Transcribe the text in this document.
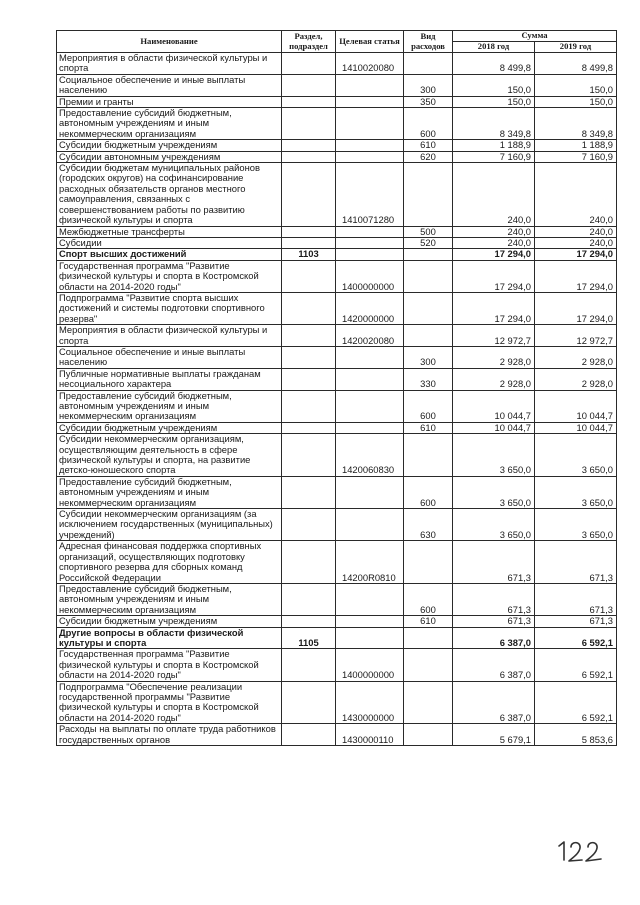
Наименование	Раздел, подраздел	Целевая статья	Вид расходов	Сумма	
				2018 год	2019 год
Мероприятия в области физической культуры и спорта		1410020080		8 499,8	8 499,8
Социальное обеспечение и иные выплаты населению			300	150,0	150,0
Премии и гранты			350	150,0	150,0
Предоставление субсидий бюджетным, автономным учреждениям и иным некоммерческим организациям			600	8 349,8	8 349,8
Субсидии бюджетным учреждениям			610	1 188,9	1 188,9
Субсидии автономным учреждениям			620	7 160,9	7 160,9
Субсидии бюджетам муниципальных районов (городских округов) на софинансирование расходных обязательств органов местного самоуправления, связанных с совершенствованием работы по развитию физической культуры и спорта		1410071280		240,0	240,0
Межбюджетные трансферты			500	240,0	240,0
Субсидии			520	240,0	240,0
Спорт высших достижений	1103			17 294,0	17 294,0
Государственная программа "Развитие физической культуры и спорта в Костромской области на 2014-2020 годы"		1400000000		17 294,0	17 294,0
Подпрограмма "Развитие спорта высших достижений и системы подготовки спортивного резерва"		1420000000		17 294,0	17 294,0
Мероприятия в области физической культуры и спорта		1420020080		12 972,7	12 972,7
Социальное обеспечение и иные выплаты населению			300	2 928,0	2 928,0
Публичные нормативные выплаты гражданам несоциального характера			330	2 928,0	2 928,0
Предоставление субсидий бюджетным, автономным учреждениям и иным некоммерческим организациям			600	10 044,7	10 044,7
Субсидии бюджетным учреждениям			610	10 044,7	10 044,7
Субсидии некоммерческим организациям, осуществляющим деятельность в сфере физической культуры и спорта, на развитие детско-юношеского спорта		1420060830		3 650,0	3 650,0
Предоставление субсидий бюджетным, автономным учреждениям и иным некоммерческим организациям			600	3 650,0	3 650,0
Субсидии некоммерческим организациям (за исключением государственных (муниципальных) учреждений)			630	3 650,0	3 650,0
Адресная финансовая поддержка спортивных организаций, осуществляющих подготовку спортивного резерва для сборных команд Российской Федерации		14200R0810		671,3	671,3
Предоставление субсидий бюджетным, автономным учреждениям и иным некоммерческим организациям			600	671,3	671,3
Субсидии бюджетным учреждениям			610	671,3	671,3
Другие вопросы в области физической культуры и спорта	1105			6 387,0	6 592,1
Государственная программа "Развитие физической культуры и спорта в Костромской области на 2014-2020 годы"		1400000000		6 387,0	6 592,1
Подпрограмма "Обеспечение реализации государственной программы "Развитие физической культуры и спорта в Костромской области на 2014-2020 годы"		1430000000		6 387,0	6 592,1
Расходы на выплаты по оплате труда работников государственных органов		1430000110		5 679,1	5 853,6
